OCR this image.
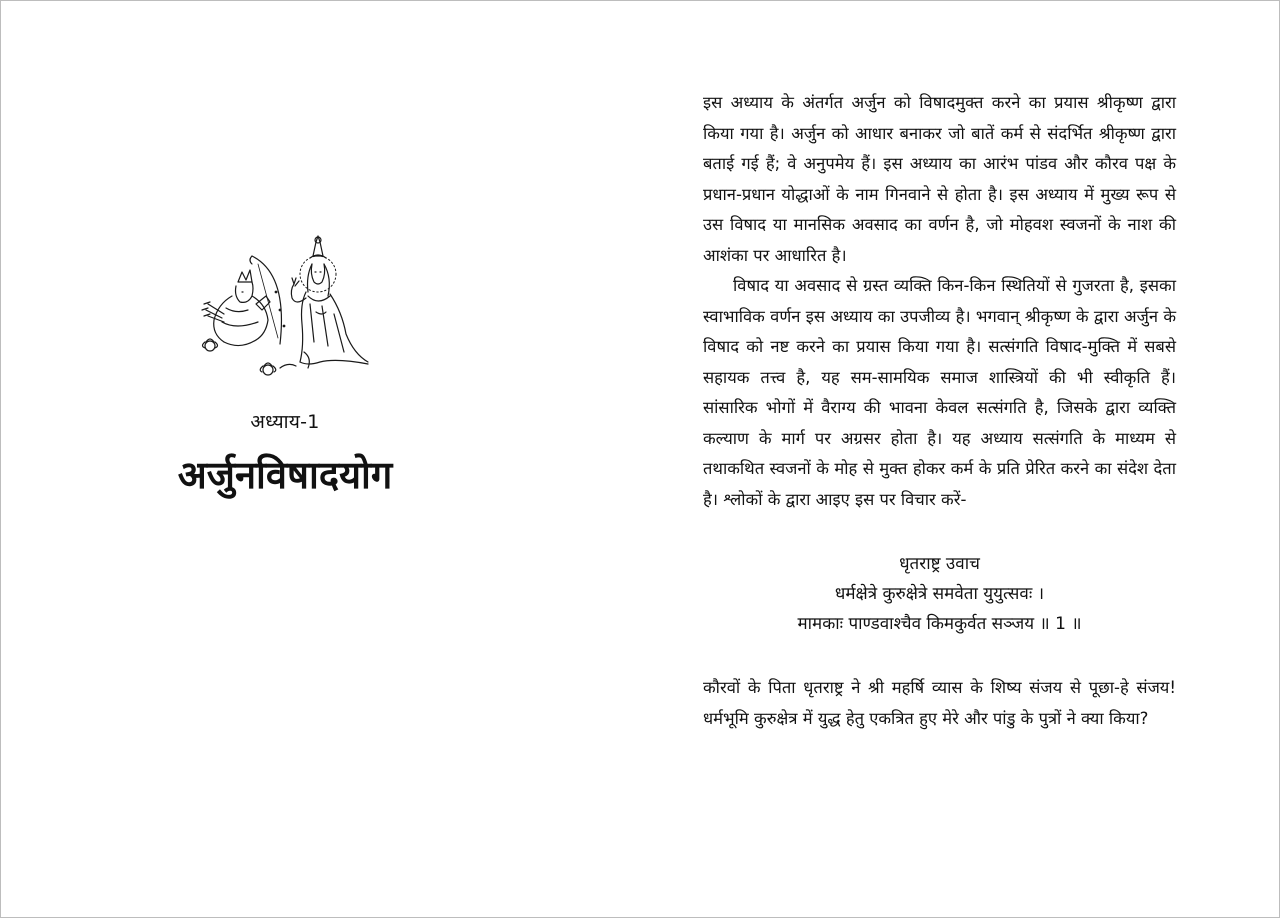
अध्याय-1
अर्जुनविषादयोग

इस अध्याय के अंतर्गत अर्जुन को विषादमुक्त करने का प्रयास श्रीकृष्ण द्वारा किया गया है। अर्जुन को आधार बनाकर जो बातें कर्म से संदर्भित श्रीकृष्ण द्वारा बताई गई हैं; वे अनुपमेय हैं। इस अध्याय का आरंभ पांडव और कौरव पक्ष के प्रधान-प्रधान योद्धाओं के नाम गिनवाने से होता है। इस अध्याय में मुख्य रूप से उस विषाद या मानसिक अवसाद का वर्णन है, जो मोहवश स्वजनों के नाश की आशंका पर आधारित है।

विषाद या अवसाद से ग्रस्त व्यक्ति किन-किन स्थितियों से गुजरता है, इसका स्वाभाविक वर्णन इस अध्याय का उपजीव्य है। भगवान् श्रीकृष्ण के द्वारा अर्जुन के विषाद को नष्ट करने का प्रयास किया गया है। सत्संगति विषाद-मुक्ति में सबसे सहायक तत्त्व है, यह सम-सामयिक समाज शास्त्रियों की भी स्वीकृति हैं। सांसारिक भोगों में वैराग्य की भावना केवल सत्संगति है, जिसके द्वारा व्यक्ति कल्याण के मार्ग पर अग्रसर होता है। यह अध्याय सत्संगति के माध्यम से तथाकथित स्वजनों के मोह से मुक्त होकर कर्म के प्रति प्रेरित करने का संदेश देता है। श्लोकों के द्वारा आइए इस पर विचार करें-

धृतराष्ट्र उवाच
धर्मक्षेत्रे कुरुक्षेत्रे समवेता युयुत्सवः ।
मामकाः पाण्डवाश्चैव किमकुर्वत सञ्जय ॥ 1 ॥

कौरवों के पिता धृतराष्ट्र ने श्री महर्षि व्यास के शिष्य संजय से पूछा-हे संजय! धर्मभूमि कुरुक्षेत्र में युद्ध हेतु एकत्रित हुए मेरे और पांडु के पुत्रों ने क्या किया?
